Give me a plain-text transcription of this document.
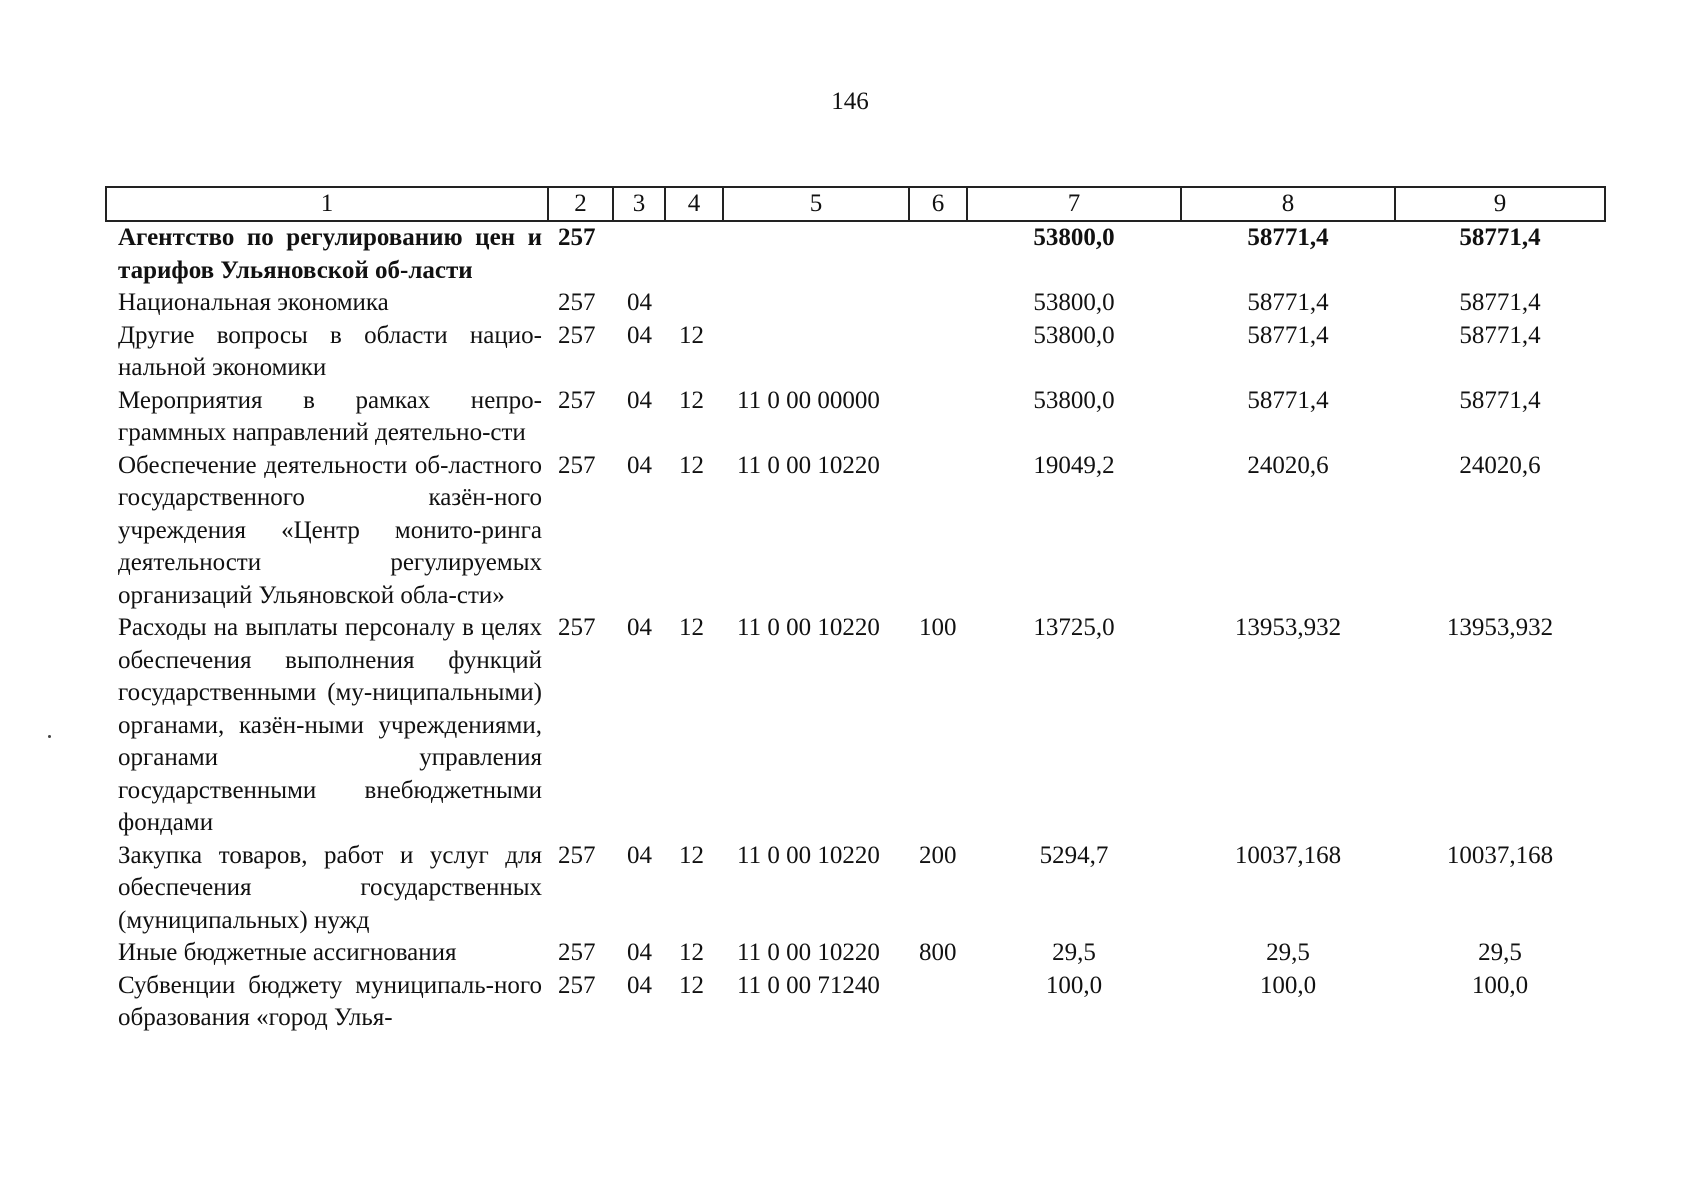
146
1	2	3	4	5	6	7	8	9
Агентство по регулированию цен и тарифов Ульяновской об-ласти	257					53800,0	58771,4	58771,4
Национальная экономика	257	04				53800,0	58771,4	58771,4
Другие вопросы в области нацио-нальной экономики	257	04	12			53800,0	58771,4	58771,4
Мероприятия в рамках непро-граммных направлений деятельно-сти	257	04	12	11 0 00 00000		53800,0	58771,4	58771,4
Обеспечение деятельности об-ластного государственного казён-ного учреждения «Центр монито-ринга деятельности регулируемых организаций Ульяновской обла-сти»	257	04	12	11 0 00 10220		19049,2	24020,6	24020,6
Расходы на выплаты персоналу в целях обеспечения выполнения функций государственными (му-ниципальными) органами, казён-ными учреждениями, органами управления государственными внебюджетными фондами	257	04	12	11 0 00 10220	100	13725,0	13953,932	13953,932
Закупка товаров, работ и услуг для обеспечения государственных (муниципальных) нужд	257	04	12	11 0 00 10220	200	5294,7	10037,168	10037,168
Иные бюджетные ассигнования	257	04	12	11 0 00 10220	800	29,5	29,5	29,5
Субвенции бюджету муниципаль-ного образования «город Улья-	257	04	12	11 0 00 71240		100,0	100,0	100,0
